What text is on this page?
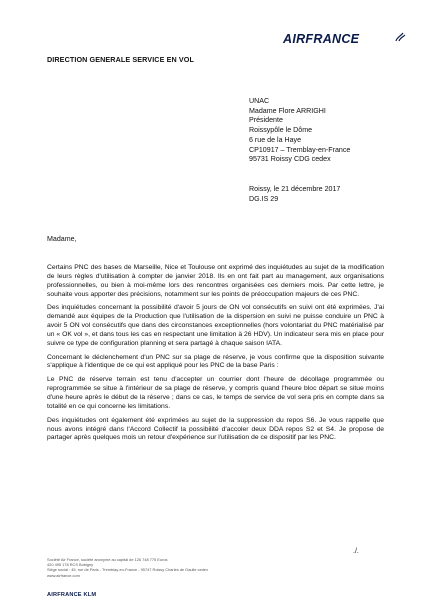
DIRECTION GENERALE SERVICE EN VOL
AIRFRANCE
UNAC
Madame Flore ARRIGHI
Présidente
Roissypôle le Dôme
6 rue de la Haye
CP10917 – Tremblay-en-France
95731 Roissy CDG cedex
Roissy, le 21 décembre 2017
DG.IS 29
Madame,

Certains PNC des bases de Marseille, Nice et Toulouse ont exprimé des inquiétudes au sujet de la modification de leurs règles d'utilisation à compter de janvier 2018. Ils en ont fait part au management, aux organisations professionnelles, ou bien à moi-même lors des rencontres organisées ces derniers mois. Par cette lettre, je souhaite vous apporter des précisions, notamment sur les points de préoccupation majeurs de ces PNC.

Des inquiétudes concernant la possibilité d'avoir 5 jours de ON vol consécutifs en suivi ont été exprimées. J'ai demandé aux équipes de la Production que l'utilisation de la dispersion en suivi ne puisse conduire un PNC à avoir 5 ON vol consécutifs que dans des circonstances exceptionnelles (hors volontariat du PNC matérialisé par un « OK vol », et dans tous les cas en respectant une limitation à 26 HDV). Un indicateur sera mis en place pour suivre ce type de configuration planning et sera partagé à chaque saison IATA.

Concernant le déclenchement d'un PNC sur sa plage de réserve, je vous confirme que la disposition suivante s'applique à l'identique de ce qui est appliqué pour les PNC de la base Paris :

Le PNC de réserve terrain est tenu d'accepter un courrier dont l'heure de décollage programmée ou reprogrammée se situe à l'intérieur de sa plage de réserve, y compris quand l'heure bloc départ se situe moins d'une heure après le début de la réserve ; dans ce cas, le temps de service de vol sera pris en compte dans sa totalité en ce qui concerne les limitations.

Des inquiétudes ont également été exprimées au sujet de la suppression du repos S6. Je vous rappelle que nous avons intégré dans l'Accord Collectif la possibilité d'accoler deux DDA repos S2 et S4. Je propose de partager après quelques mois un retour d'expérience sur l'utilisation de ce dispositif par les PNC.

./.
Société Air France, société anonyme au capital de 126 748 775 Euros
420 495 178 RCS Bobigny
Siège social : 45, rue de Paris - Tremblay-en-France - 95747 Roissy Charles de Gaulle cedex
www.airfrance.com
AIRFRANCE KLM
